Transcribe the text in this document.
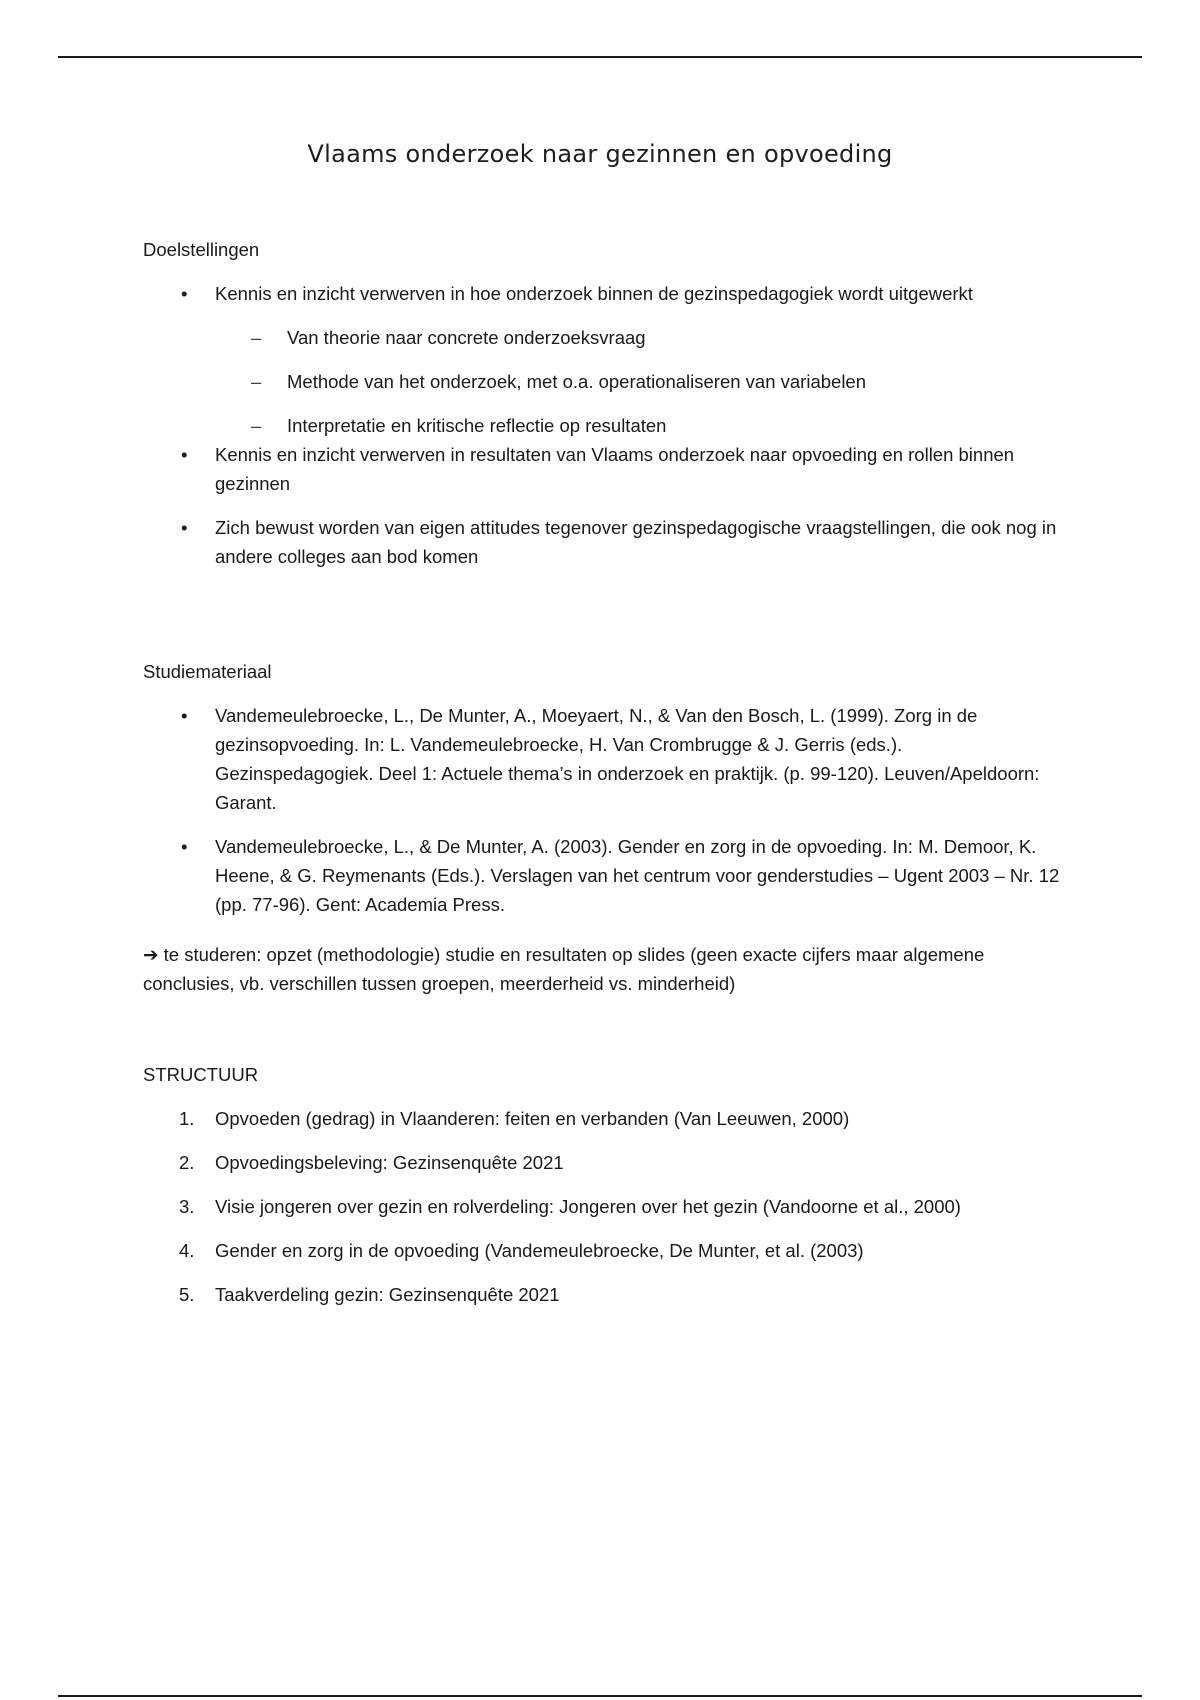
Vlaams onderzoek naar gezinnen en opvoeding
Doelstellingen
• Kennis en inzicht verwerven in hoe onderzoek binnen de gezinspedagogiek wordt uitgewerkt
– Van theorie naar concrete onderzoeksvraag
– Methode van het onderzoek, met o.a. operationaliseren van variabelen
– Interpretatie en kritische reflectie op resultaten
• Kennis en inzicht verwerven in resultaten van Vlaams onderzoek naar opvoeding en rollen binnen gezinnen
• Zich bewust worden van eigen attitudes tegenover gezinspedagogische vraagstellingen, die ook nog in andere colleges aan bod komen
Studiemateriaal
• Vandemeulebroecke, L., De Munter, A., Moeyaert, N., & Van den Bosch, L. (1999). Zorg in de gezinsopvoeding. In: L. Vandemeulebroecke, H. Van Crombrugge & J. Gerris (eds.). Gezinspedagogiek. Deel 1: Actuele thema’s in onderzoek en praktijk. (p. 99-120). Leuven/Apeldoorn: Garant.
• Vandemeulebroecke, L., & De Munter, A. (2003). Gender en zorg in de opvoeding. In: M. Demoor, K. Heene, & G. Reymenants (Eds.). Verslagen van het centrum voor genderstudies – Ugent 2003 – Nr. 12 (pp. 77-96). Gent: Academia Press.
➔ te studeren: opzet (methodologie) studie en resultaten op slides (geen exacte cijfers maar algemene conclusies, vb. verschillen tussen groepen, meerderheid vs. minderheid)
STRUCTUUR
1. Opvoeden (gedrag) in Vlaanderen: feiten en verbanden (Van Leeuwen, 2000)
2. Opvoedingsbeleving: Gezinsenquête 2021
3. Visie jongeren over gezin en rolverdeling: Jongeren over het gezin (Vandoorne et al., 2000)
4. Gender en zorg in de opvoeding (Vandemeulebroecke, De Munter, et al. (2003)
5. Taakverdeling gezin: Gezinsenquête 2021
